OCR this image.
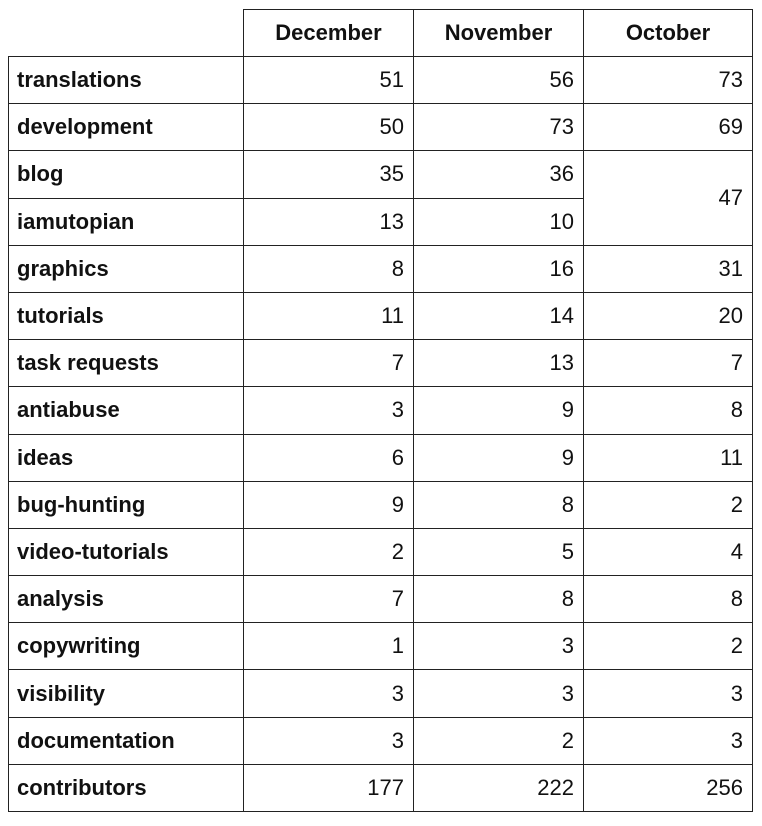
	December	November	October
translations	51	56	73
development	50	73	69
blog	35	36	47
iamutopian	13	10	
graphics	8	16	31
tutorials	11	14	20
task requests	7	13	7
antiabuse	3	9	8
ideas	6	9	11
bug-hunting	9	8	2
video-tutorials	2	5	4
analysis	7	8	8
copywriting	1	3	2
visibility	3	3	3
documentation	3	2	3
contributors	177	222	256
